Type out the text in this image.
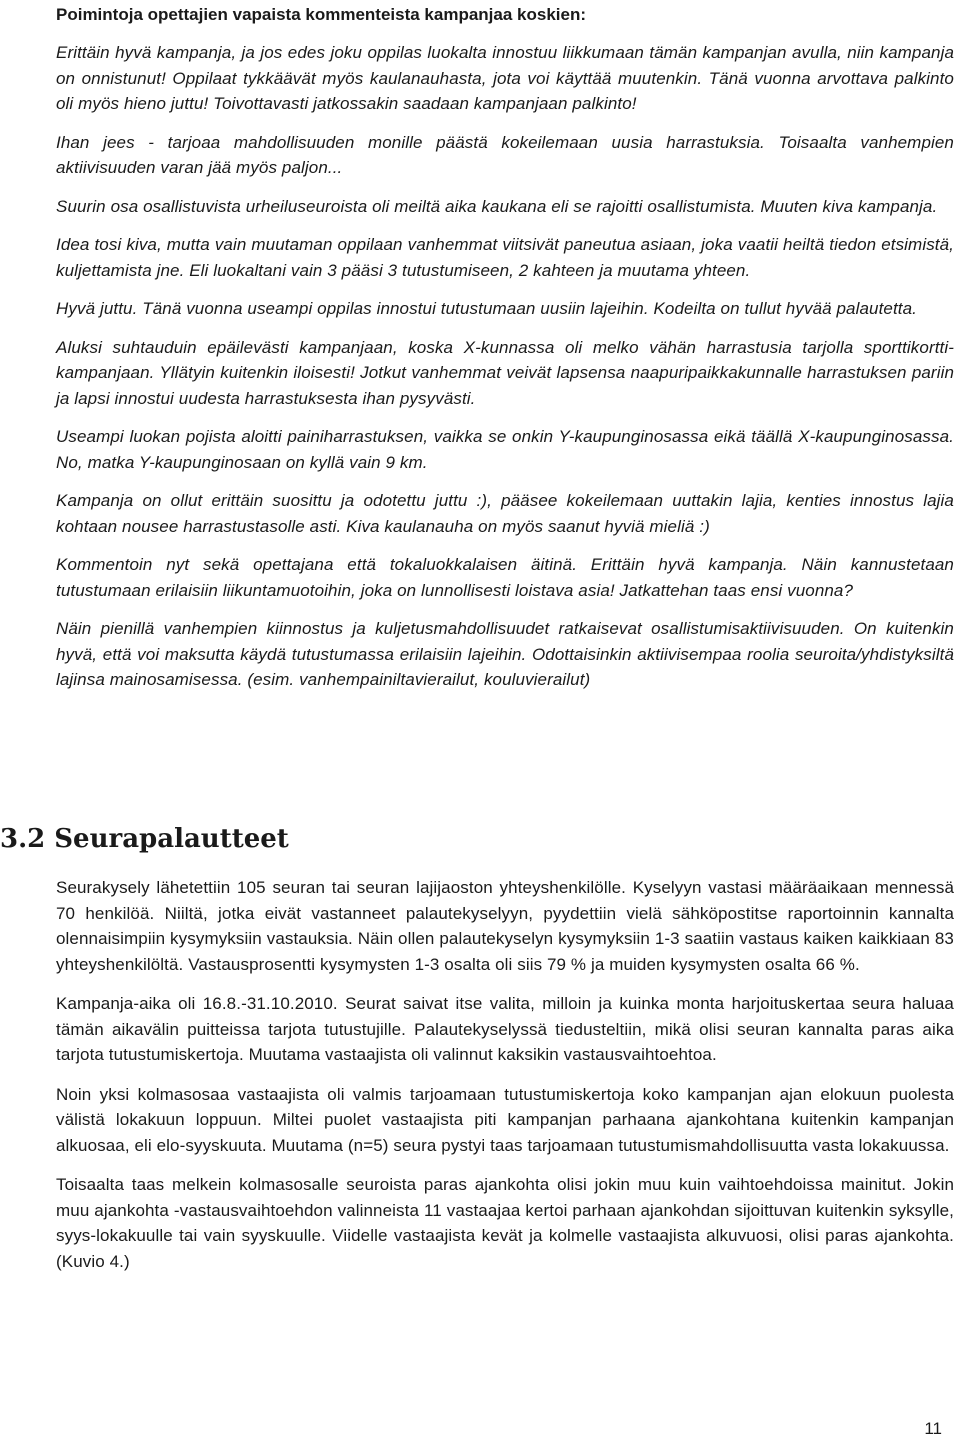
Poimintoja opettajien vapaista kommenteista kampanjaa koskien:

Erittäin hyvä kampanja, ja jos edes joku oppilas luokalta innostuu liikkumaan tämän kampanjan avulla, niin kampanja on onnistunut! Oppilaat tykkäävät myös kaulanauhasta, jota voi käyttää muutenkin. Tänä vuonna arvottava palkinto oli myös hieno juttu! Toivottavasti jatkossakin saadaan kampanjaan palkinto!

Ihan jees - tarjoaa mahdollisuuden monille päästä kokeilemaan uusia harrastuksia. Toisaalta vanhempien aktiivisuuden varan jää myös paljon...

Suurin osa osallistuvista urheiluseuroista oli meiltä aika kaukana eli se rajoitti osallistumista. Muuten kiva kampanja.

Idea tosi kiva, mutta vain muutaman oppilaan vanhemmat viitsivät paneutua asiaan, joka vaatii heiltä tiedon etsimistä, kuljettamista jne. Eli luokaltani vain 3 pääsi 3 tutustumiseen, 2 kahteen ja muutama yhteen.

Hyvä juttu. Tänä vuonna useampi oppilas innostui tutustumaan uusiin lajeihin. Kodeilta on tullut hyvää palautetta.

Aluksi suhtauduin epäilevästi kampanjaan, koska X-kunnassa oli melko vähän harrastusia tarjolla sporttikortti-kampanjaan. Yllätyin kuitenkin iloisesti! Jotkut vanhemmat veivät lapsensa naapuripaikkakunnalle harrastuksen pariin ja lapsi innostui uudesta harrastuksesta ihan pysyvästi.

Useampi luokan pojista aloitti painiharrastuksen, vaikka se onkin Y-kaupunginosassa eikä täällä X-kaupunginosassa. No, matka Y-kaupunginosaan on kyllä vain 9 km.

Kampanja on ollut erittäin suosittu ja odotettu juttu :), pääsee kokeilemaan uuttakin lajia, kenties innostus lajia kohtaan nousee harrastustasolle asti. Kiva kaulanauha on myös saanut hyviä mieliä :)

Kommentoin nyt sekä opettajana että tokaluokkalaisen äitinä. Erittäin hyvä kampanja. Näin kannustetaan tutustumaan erilaisiin liikuntamuotoihin, joka on lunnollisesti loistava asia! Jatkattehan taas ensi vuonna?

Näin pienillä vanhempien kiinnostus ja kuljetusmahdollisuudet ratkaisevat osallistumisaktiivisuuden. On kuitenkin hyvä, että voi maksutta käydä tutustumassa erilaisiin lajeihin. Odottaisinkin aktiivisempaa roolia seuroita/yhdistyksiltä lajinsa mainosamisessa. (esim. vanhempainiltavierailut, kouluvierailut)

3.2 Seurapalautteet

Seurakysely lähetettiin 105 seuran tai seuran lajijaoston yhteyshenkilölle. Kyselyyn vastasi määräaikaan mennessä 70 henkilöä. Niiltä, jotka eivät vastanneet palautekyselyyn, pyydettiin vielä sähköpostitse raportoinnin kannalta olennaisimpiin kysymyksiin vastauksia. Näin ollen palautekyselyn kysymyksiin 1-3 saatiin vastaus kaiken kaikkiaan 83 yhteyshenkilöltä. Vastausprosentti kysymysten 1-3 osalta oli siis 79 % ja muiden kysymysten osalta 66 %.

Kampanja-aika oli 16.8.-31.10.2010. Seurat saivat itse valita, milloin ja kuinka monta harjoituskertaa seura haluaa tämän aikavälin puitteissa tarjota tutustujille. Palautekyselyssä tiedusteltiin, mikä olisi seuran kannalta paras aika tarjota tutustumiskertoja. Muutama vastaajista oli valinnut kaksikin vastausvaihtoehtoa.

Noin yksi kolmasosaa vastaajista oli valmis tarjoamaan tutustumiskertoja koko kampanjan ajan elokuun puolesta välistä lokakuun loppuun. Miltei puolet vastaajista piti kampanjan parhaana ajankohtana kuitenkin kampanjan alkuosaa, eli elo-syyskuuta. Muutama (n=5) seura pystyi taas tarjoamaan tutustumismahdollisuutta vasta lokakuussa.

Toisaalta taas melkein kolmasosalle seuroista paras ajankohta olisi jokin muu kuin vaihtoehdoissa mainitut. Jokin muu ajankohta -vastausvaihtoehdon valinneista 11 vastaajaa kertoi parhaan ajankohdan sijoittuvan kuitenkin syksylle, syys-lokakuulle tai vain syyskuulle. Viidelle vastaajista kevät ja kolmelle vastaajista alkuvuosi, olisi paras ajankohta. (Kuvio 4.)

11
